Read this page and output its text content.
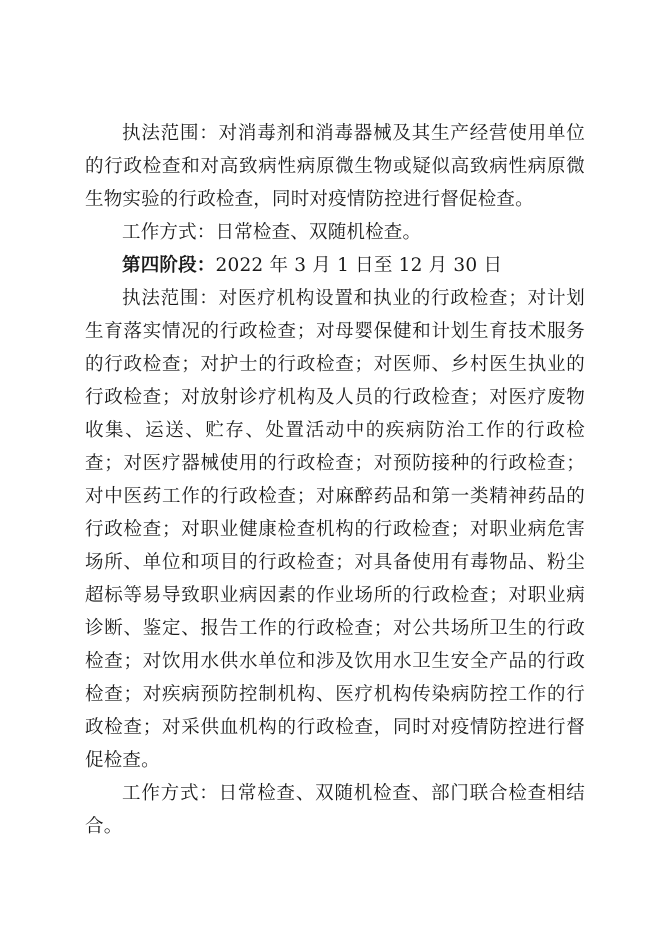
执法范围：对消毒剂和消毒器械及其生产经营使用单位的行政检查和对高致病性病原微生物或疑似高致病性病原微生物实验的行政检查，同时对疫情防控进行督促检查。

工作方式：日常检查、双随机检查。

第四阶段：2022 年 3 月 1 日至 12 月 30 日

执法范围：对医疗机构设置和执业的行政检查；对计划生育落实情况的行政检查；对母婴保健和计划生育技术服务的行政检查；对护士的行政检查；对医师、乡村医生执业的行政检查；对放射诊疗机构及人员的行政检查；对医疗废物收集、运送、贮存、处置活动中的疾病防治工作的行政检查；对医疗器械使用的行政检查；对预防接种的行政检查；对中医药工作的行政检查；对麻醉药品和第一类精神药品的行政检查；对职业健康检查机构的行政检查；对职业病危害场所、单位和项目的行政检查；对具备使用有毒物品、粉尘超标等易导致职业病因素的作业场所的行政检查；对职业病诊断、鉴定、报告工作的行政检查；对公共场所卫生的行政检查；对饮用水供水单位和涉及饮用水卫生安全产品的行政检查；对疾病预防控制机构、医疗机构传染病防控工作的行政检查；对采供血机构的行政检查，同时对疫情防控进行督促检查。

工作方式：日常检查、双随机检查、部门联合检查相结合。
